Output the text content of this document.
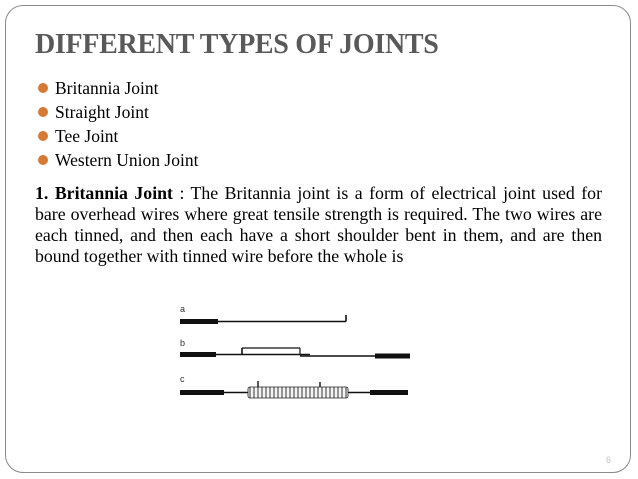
DIFFERENT TYPES OF JOINTS
Britannia Joint
Straight Joint
Tee Joint
Western Union Joint

1. Britannia Joint : The Britannia joint is a form of electrical joint used for bare overhead wires where great tensile strength is required. The two wires are each tinned, and then each have a short shoulder bent in them, and are then bound together with tinned wire before the whole is

a
b
c
6
